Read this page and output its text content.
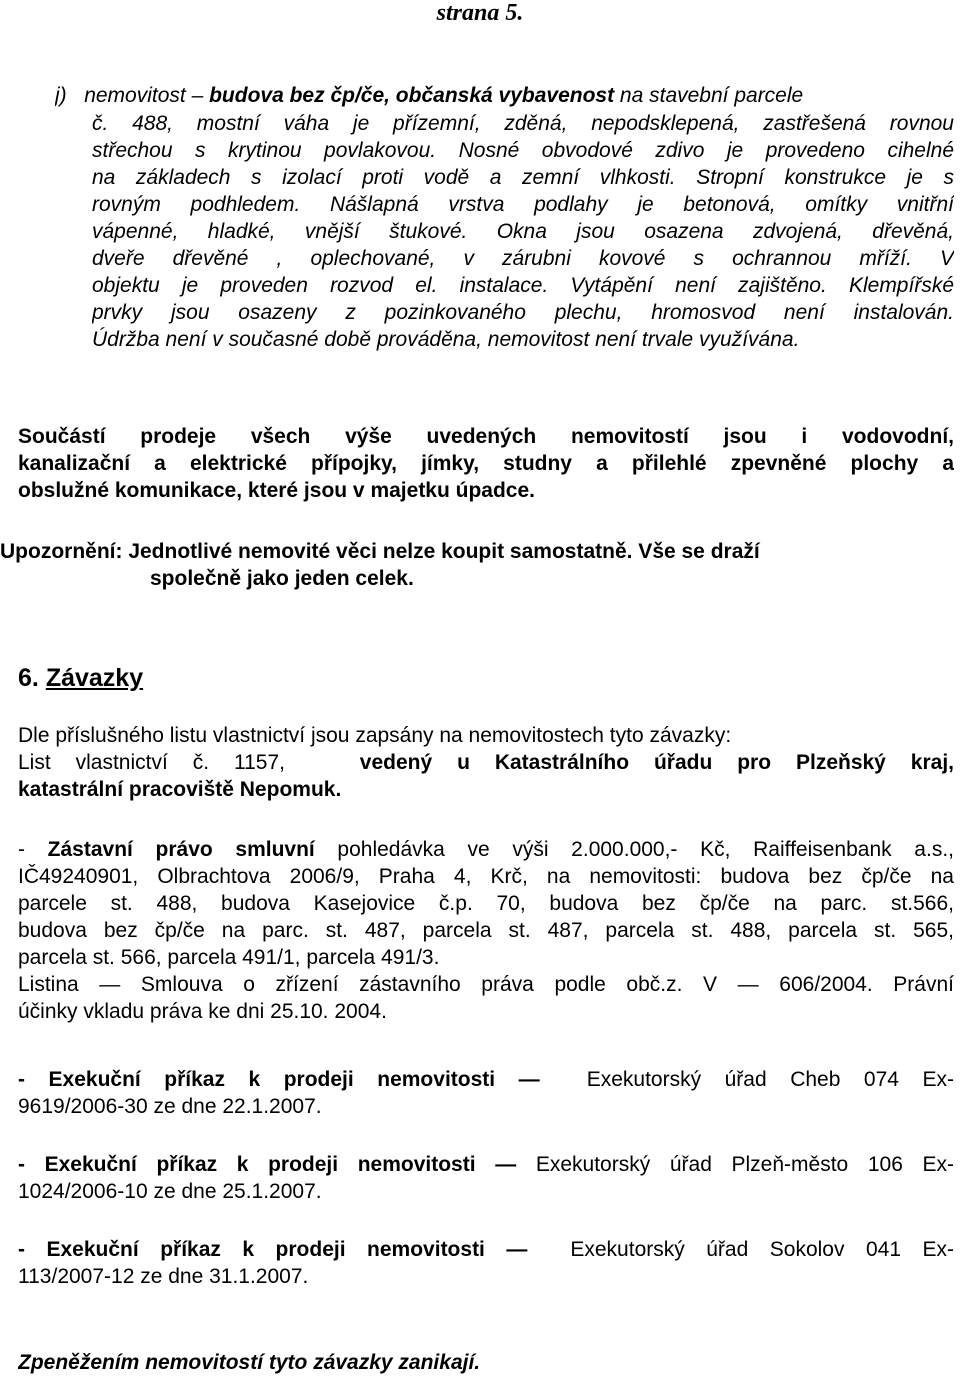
strana 5.
j) nemovitost – budova bez čp/če, občanská vybavenost na stavební parcele
č. 488, mostní váha je přízemní, zděná, nepodsklepená, zastřešená rovnou
střechou s krytinou povlakovou. Nosné obvodové zdivo je provedeno cihelné
na základech s izolací proti vodě a zemní vlhkosti. Stropní konstrukce je s
rovným podhledem. Nášlapná vrstva podlahy je betonová, omítky vnitřní
vápenné, hladké, vnější štukové. Okna jsou osazena zdvojená, dřevěná,
dveře dřevěné , oplechované, v zárubni kovové s ochrannou mříží. V
objektu je proveden rozvod el. instalace. Vytápění není zajištěno. Klempířské
prvky jsou osazeny z pozinkovaného plechu, hromosvod není instalován.
Údržba není v současné době prováděna, nemovitost není trvale využívána.
Součástí prodeje všech výše uvedených nemovitostí jsou i vodovodní,
kanalizační a elektrické přípojky, jímky, studny a přilehlé zpevněné plochy a
obslužné komunikace, které jsou v majetku úpadce.
Upozornění: Jednotlivé nemovité věci nelze koupit samostatně. Vše se draží
společně jako jeden celek.
6. Závazky
Dle příslušného listu vlastnictví jsou zapsány na nemovitostech tyto závazky:
List vlastnictví č. 1157,	vedený u Katastrálního úřadu pro Plzeňský kraj,
katastrální pracoviště Nepomuk.
- Zástavní právo smluvní pohledávka ve výši 2.000.000,- Kč, Raiffeisenbank a.s.,
IČ49240901, Olbrachtova 2006/9, Praha 4, Krč, na nemovitosti: budova bez čp/če na
parcele st. 488, budova Kasejovice č.p. 70, budova bez čp/če na parc. st.566,
budova bez čp/če na parc. st. 487, parcela st. 487, parcela st. 488, parcela st. 565,
parcela st. 566, parcela 491/1, parcela 491/3.
Listina — Smlouva o zřízení zástavního práva podle obč.z. V — 606/2004. Právní
účinky vkladu práva ke dni 25.10. 2004.
- Exekuční příkaz k prodeji nemovitosti — Exekutorský úřad Cheb 074 Ex-
9619/2006-30 ze dne 22.1.2007.
- Exekuční příkaz k prodeji nemovitosti — Exekutorský úřad Plzeň-město 106 Ex-
1024/2006-10 ze dne 25.1.2007.
- Exekuční příkaz k prodeji nemovitosti — Exekutorský úřad Sokolov 041 Ex-
113/2007-12 ze dne 31.1.2007.
Zpeněžením nemovitostí tyto závazky zanikají.
